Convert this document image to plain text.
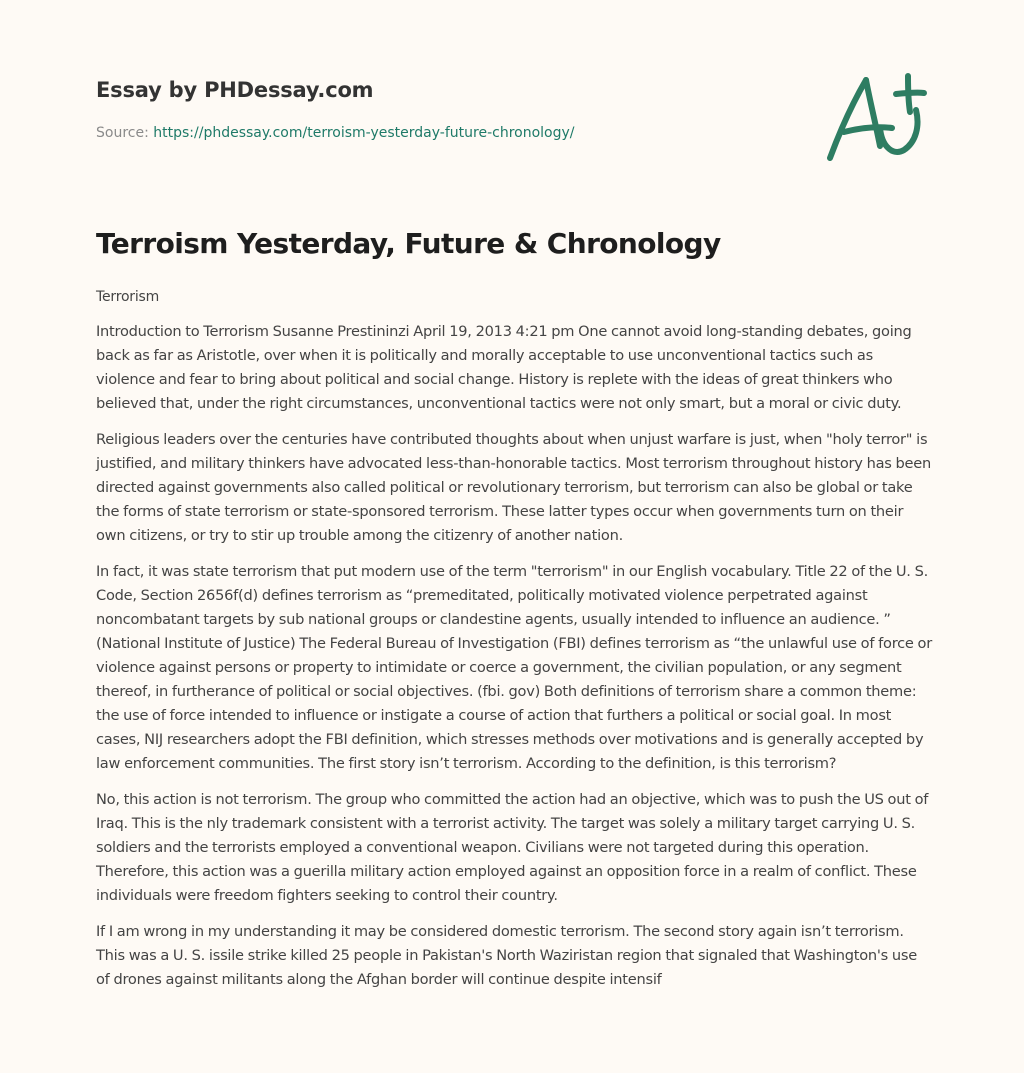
Essay by PHDessay.com
Source: https://phdessay.com/terroism-yesterday-future-chronology/
Terroism Yesterday, Future & Chronology
Terrorism

Introduction to Terrorism Susanne Prestininzi April 19, 2013 4:21 pm One cannot avoid long-standing debates, going back as far as Aristotle, over when it is politically and morally acceptable to use unconventional tactics such as violence and fear to bring about political and social change. History is replete with the ideas of great thinkers who believed that, under the right circumstances, unconventional tactics were not only smart, but a moral or civic duty.

Religious leaders over the centuries have contributed thoughts about when unjust warfare is just, when "holy terror" is justified, and military thinkers have advocated less-than-honorable tactics. Most terrorism throughout history has been directed against governments also called political or revolutionary terrorism, but terrorism can also be global or take the forms of state terrorism or state-sponsored terrorism. These latter types occur when governments turn on their own citizens, or try to stir up trouble among the citizenry of another nation.

In fact, it was state terrorism that put modern use of the term "terrorism" in our English vocabulary. Title 22 of the U. S. Code, Section 2656f(d) defines terrorism as “premeditated, politically motivated violence perpetrated against noncombatant targets by sub national groups or clandestine agents, usually intended to influence an audience. ” (National Institute of Justice) The Federal Bureau of Investigation (FBI) defines terrorism as “the unlawful use of force or violence against persons or property to intimidate or coerce a government, the civilian population, or any segment thereof, in furtherance of political or social objectives. (fbi. gov) Both definitions of terrorism share a common theme: the use of force intended to influence or instigate a course of action that furthers a political or social goal. In most cases, NIJ researchers adopt the FBI definition, which stresses methods over motivations and is generally accepted by law enforcement communities. The first story isn’t terrorism. According to the definition, is this terrorism?

No, this action is not terrorism. The group who committed the action had an objective, which was to push the US out of Iraq. This is the nly trademark consistent with a terrorist activity. The target was solely a military target carrying U. S. soldiers and the terrorists employed a conventional weapon. Civilians were not targeted during this operation. Therefore, this action was a guerilla military action employed against an opposition force in a realm of conflict. These individuals were freedom fighters seeking to control their country.

If I am wrong in my understanding it may be considered domestic terrorism. The second story again isn’t terrorism. This was a U. S. issile strike killed 25 people in Pakistan's North Waziristan region that signaled that Washington's use of drones against militants along the Afghan border will continue despite intensif
